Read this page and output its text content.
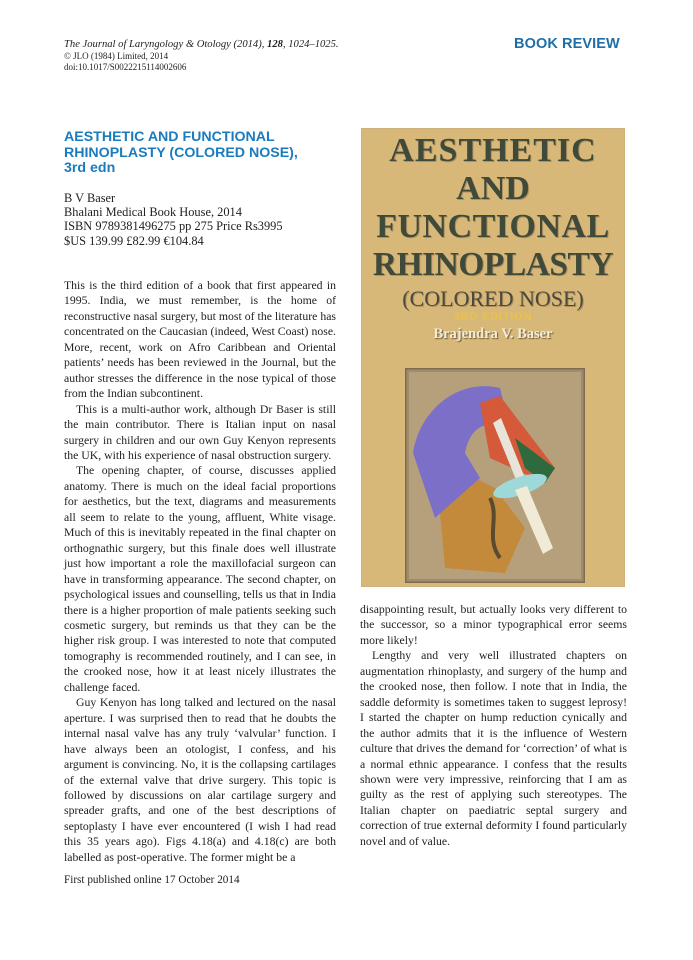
The Journal of Laryngology & Otology (2014), 128, 1024–1025.
© JLO (1984) Limited, 2014
doi:10.1017/S0022215114002606
BOOK REVIEW
AESTHETIC AND FUNCTIONAL
RHINOPLASTY (COLORED NOSE),
3rd edn
B V Baser
Bhalani Medical Book House, 2014
ISBN 9789381496275 pp 275 Price Rs3995
$US 139.99 £82.99 €104.84

This is the third edition of a book that first appeared in 1995. India, we must remember, is the home of reconstructive nasal surgery, but most of the literature has concentrated on the Caucasian (indeed, West Coast) nose. More, recent, work on Afro Caribbean and Oriental patients’ needs has been reviewed in the Journal, but the author stresses the difference in the nose typical of those from the Indian subcontinent.

This is a multi-author work, although Dr Baser is still the main contributor. There is Italian input on nasal surgery in children and our own Guy Kenyon represents the UK, with his experience of nasal obstruction surgery.

The opening chapter, of course, discusses applied anatomy. There is much on the ideal facial proportions for aesthetics, but the text, diagrams and measurements all seem to relate to the young, affluent, White visage. Much of this is inevitably repeated in the final chapter on orthognathic surgery, but this finale does well illustrate just how important a role the maxillofacial surgeon can have in transforming appearance. The second chapter, on psychological issues and counselling, tells us that in India there is a higher proportion of male patients seeking such cosmetic surgery, but reminds us that they can be the higher risk group. I was interested to note that computed tomography is recommended routinely, and I can see, in the crooked nose, how it at least nicely illustrates the challenge faced.

Guy Kenyon has long talked and lectured on the nasal aperture. I was surprised then to read that he doubts the internal nasal valve has any truly ‘valvular’ function. I have always been an otologist, I confess, and his argument is convincing. No, it is the collapsing cartilages of the external valve that drive surgery. This topic is followed by discussions on alar cartilage surgery and spreader grafts, and one of the best descriptions of septoplasty I have ever encountered (I wish I had read this 35 years ago). Figs 4.18(a) and 4.18(c) are both labelled as post-operative. The former might be a

AESTHETIC
AND
FUNCTIONAL
RHINOPLASTY
(COLORED NOSE)
3RD EDITION
Brajendra V. Baser

disappointing result, but actually looks very different to the successor, so a minor typographical error seems more likely!

Lengthy and very well illustrated chapters on augmentation rhinoplasty, and surgery of the hump and the crooked nose, then follow. I note that in India, the saddle deformity is sometimes taken to suggest leprosy! I started the chapter on hump reduction cynically and the author admits that it is the influence of Western culture that drives the demand for ‘correction’ of what is a normal ethnic appearance. I confess that the results shown were very impressive, reinforcing that I am as guilty as the rest of applying such stereotypes. The Italian chapter on paediatric septal surgery and correction of true external deformity I found particularly novel and of value.

First published online 17 October 2014
